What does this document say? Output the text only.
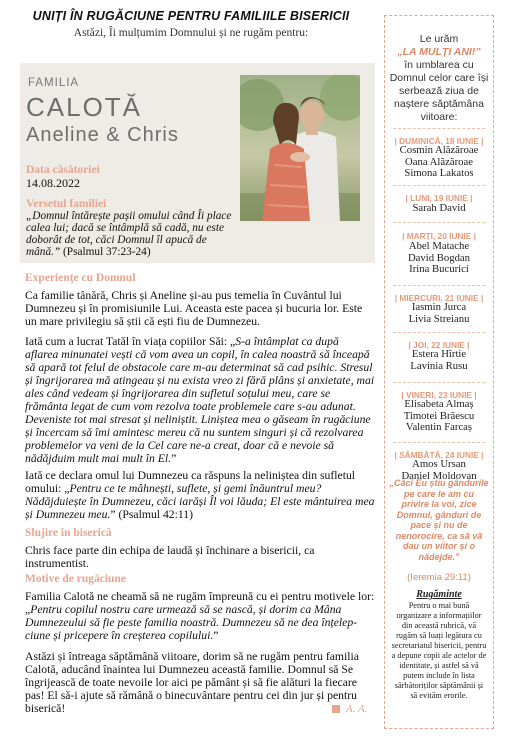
UNIȚI ÎN RUGĂCIUNE PENTRU FAMILIILE BISERICII
Astăzi, Îi mulțumim Domnului și ne rugăm pentru:
FAMILIA
CALOTĂ
Aneline & Chris
Data căsătoriei
14.08.2022
Versetul familiei
„Domnul întărește pașii omului când Îi place calea lui; dacă se întâmplă să cadă, nu este doborât de tot, căci Domnul îl apucă de mână.” (Psalmul 37:23-24)
Experiențe cu Domnul
Ca familie tânără, Chris și Aneline și-au pus temelia în Cuvântul lui Dumnezeu și în promisiunile Lui. Aceasta este pacea și bucuria lor. Este un mare privilegiu să știi că ești fiu de Dumnezeu.
Iată cum a lucrat Tatăl în viața copiilor Săi: „S-a întâmplat ca după aflarea minunatei vești că vom avea un copil, în calea noastră să înceapă să apară tot felul de obstacole care m-au determinat să cad psihic. Stresul și îngrijorarea mă atingeau și nu exista vreo zi fără plâns și anxietate, mai ales când vedeam și îngrijorarea din sufletul soțului meu, care se frământa legat de cum vom rezolva toate problemele care s-au adunat. Deveniste tot mai stresat și neliniștit. Liniștea mea o găseam în rugăciune și încercam să îmi amintesc mereu că nu suntem singuri și că rezolvarea problemelor va veni de la Cel care ne-a creat, doar că e nevoie să nădăjduim mult mai mult în El.”
Iată ce declara omul lui Dumnezeu ca răspuns la neliniștea din sufletul omului: „Pentru ce te mâhnești, suflete, și gemi înăuntrul meu? Nădăjduiește în Dumnezeu, căci iarăși Îl voi lăuda; El este mântuirea mea și Dumnezeu meu.” (Psalmul 42:11)
Slujire în biserică
Chris face parte din echipa de laudă și închinare a bisericii, ca instrumentist.
Motive de rugăciune
Familia Calotă ne cheamă să ne rugăm împreună cu ei pentru motivele lor: „Pentru copilul nostru care urmează să se nască, și dorim ca Mâna Dumnezeului să fie peste familia noastră. Dumnezeu să ne dea înțelep-ciune și pricepere în creșterea copilului.”
Astăzi și întreaga săptămână viitoare, dorim să ne rugăm pentru familia Calotă, aducând înaintea lui Dumnezeu această familie. Domnul să Se îngrijească de toate nevoile lor aici pe pământ și să fie alături la fiecare pas! El să-i ajute să rămână o binecuvântare pentru cei din jur și pentru biserică!	A. A.
Le urăm
„LA MULȚI ANI!”
în umblarea cu Domnul celor care își serbează ziua de naștere săptămâna viitoare:
| DUMINICĂ, 18 IUNIE |
Cosmin Alăzăroae
Oana Alăzăroae
Simona Lakatos
| LUNI, 19 IUNIE |
Sarah David
| MARȚI, 20 IUNIE |
Abel Matache
David Bogdan
Irina Bucurici
| MIERCURI, 21 IUNIE |
Iasmin Jurca
Livia Streianu
| JOI, 22 IUNIE |
Estera Hîrtie
Lavinia Rusu
| VINERI, 23 IUNIE |
Elisabeta Almaș
Timotei Brăescu
Valentin Farcaș
| SÂMBĂTĂ, 24 IUNIE |
Amos Ursan
Daniel Moldovan
„Căci Eu știu gândurile pe care le am cu privire la voi, zice Domnul, gânduri de pace și nu de nenorocire, ca să vă dau un viitor și o nădejde.”
(Ieremia 29:11)
Rugăminte
Pentru o mai bună organizare a informațiilor din această rubrică, vă rugăm să luați legătura cu secretariatul bisericii, pentru a depune copii ale actelor de identitate, și astfel să vă putem include în lista sărbătoriților săptămânii și să evităm erorile.
